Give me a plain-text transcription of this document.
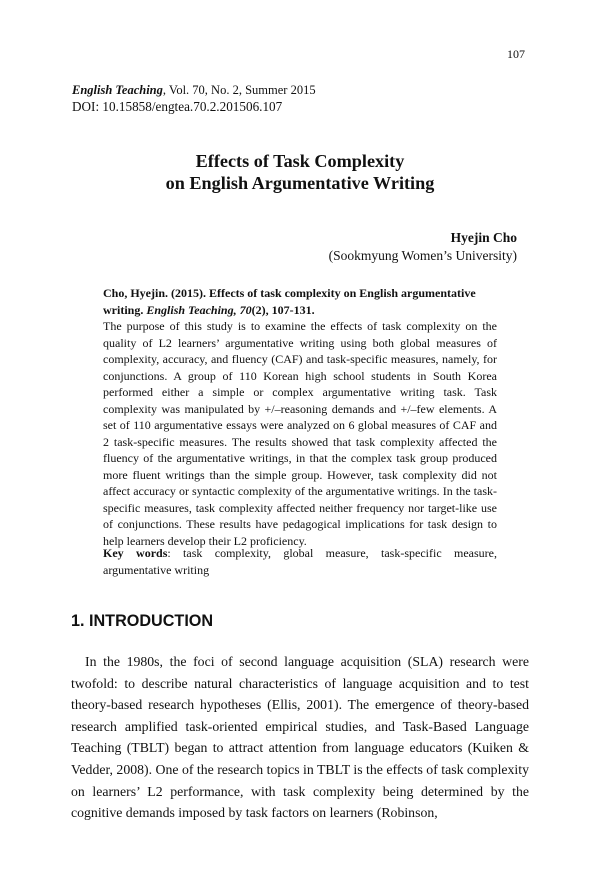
107
English Teaching, Vol. 70, No. 2, Summer 2015
DOI: 10.15858/engtea.70.2.201506.107
Effects of Task Complexity
on English Argumentative Writing
Hyejin Cho
(Sookmyung Women’s University)
Cho, Hyejin. (2015). Effects of task complexity on English argumentative writing. English Teaching, 70(2), 107-131.
The purpose of this study is to examine the effects of task complexity on the quality of L2 learners’ argumentative writing using both global measures of complexity, accuracy, and fluency (CAF) and task-specific measures, namely, for conjunctions. A group of 110 Korean high school students in South Korea performed either a simple or complex argumentative writing task. Task complexity was manipulated by +/–reasoning demands and +/–few elements. A set of 110 argumentative essays were analyzed on 6 global measures of CAF and 2 task-specific measures. The results showed that task complexity affected the fluency of the argumentative writings, in that the complex task group produced more fluent writings than the simple group. However, task complexity did not affect accuracy or syntactic complexity of the argumentative writings. In the task-specific measures, task complexity affected neither frequency nor target-like use of conjunctions. These results have pedagogical implications for task design to help learners develop their L2 proficiency.
Key words: task complexity, global measure, task-specific measure, argumentative writing
1. INTRODUCTION
In the 1980s, the foci of second language acquisition (SLA) research were twofold: to describe natural characteristics of language acquisition and to test theory-based research hypotheses (Ellis, 2001). The emergence of theory-based research amplified task-oriented empirical studies, and Task-Based Language Teaching (TBLT) began to attract attention from language educators (Kuiken & Vedder, 2008). One of the research topics in TBLT is the effects of task complexity on learners’ L2 performance, with task complexity being determined by the cognitive demands imposed by task factors on learners (Robinson,
